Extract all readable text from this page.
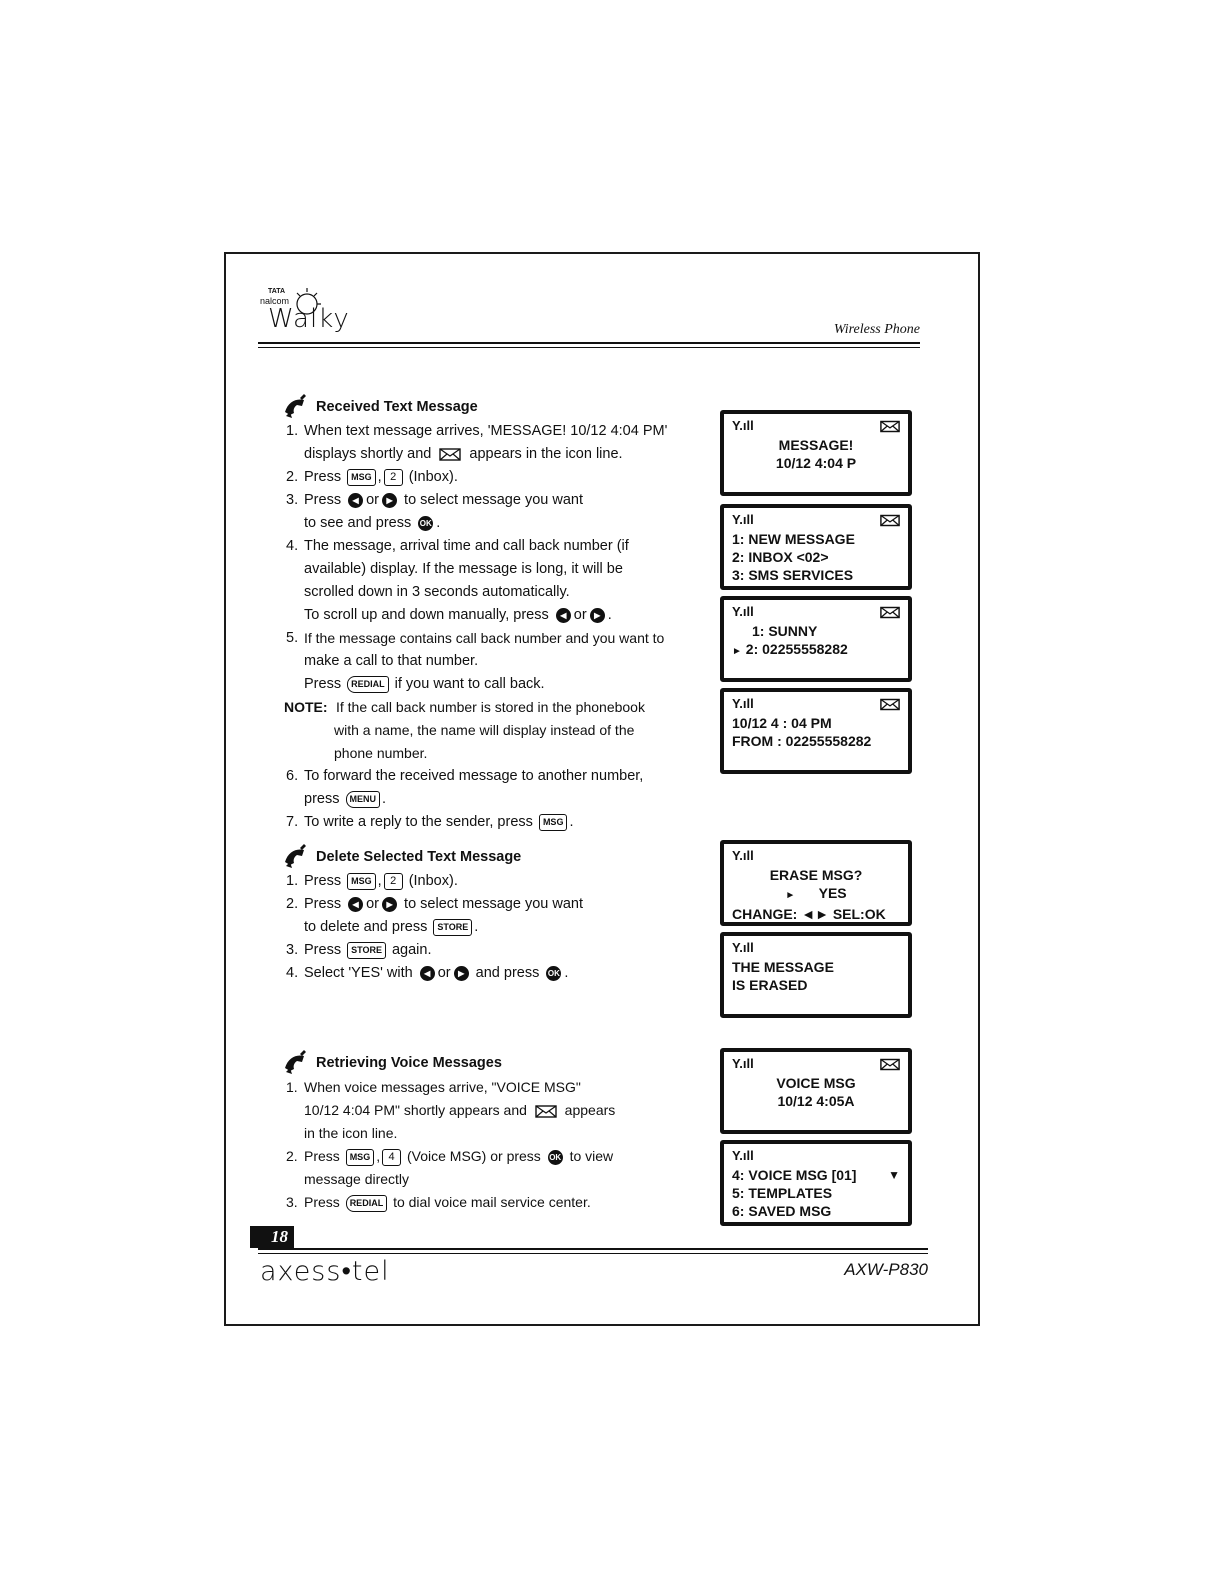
TATA
nalcom
Walky	Wireless Phone
Received Text Message
1. When text message arrives, 'MESSAGE! 10/12 4:04 PM'
displays shortly and	appears in the icon line.
2. Press MSG , 2 (Inbox).
3. Press ◀ or ▶ to select message you want
to see and press OK .
4. The message, arrival time and call back number (if
available) display. If the message is long, it will be
scrolled down in 3 seconds automatically.
To scroll up and down manually, press ◀ or ▶ .
5. If the message contains call back number and you want to
make a call to that number.
Press REDIAL if you want to call back.
NOTE: If the call back number is stored in the phonebook
with a name, the name will display instead of the
phone number.
6. To forward the received message to another number,
press MENU .
7. To write a reply to the sender, press MSG .
Delete Selected Text Message
1. Press MSG , 2 (Inbox).
2. Press ◀ or ▶ to select message you want
to delete and press STORE .
3. Press STORE again.
4. Select 'YES' with ◀ or ▶ and press OK .
Retrieving Voice Messages
1. When voice messages arrive, "VOICE MSG"
10/12 4:04 PM" shortly appears and	appears
in the icon line.
2. Press MSG , 4 (Voice MSG) or press OK to view
message directly
3. Press REDIAL to dial voice mail service center.
Y.ıll
MESSAGE!
10/12 4:04 P
Y.ıll
1: NEW MESSAGE
2: INBOX <02>
3: SMS SERVICES
Y.ıll
1: SUNNY
► 2: 02255558282
Y.ıll
10/12 4 : 04 PM
FROM : 02255558282
Y.ıll
ERASE MSG?
► YES
CHANGE: ◄► SEL:OK
Y.ıll
THE MESSAGE
IS ERASED
Y.ıll
VOICE MSG
10/12 4:05A
Y.ıll
4: VOICE MSG [01]	▼
5: TEMPLATES
6: SAVED MSG
18
axess•tel	AXW-P830
